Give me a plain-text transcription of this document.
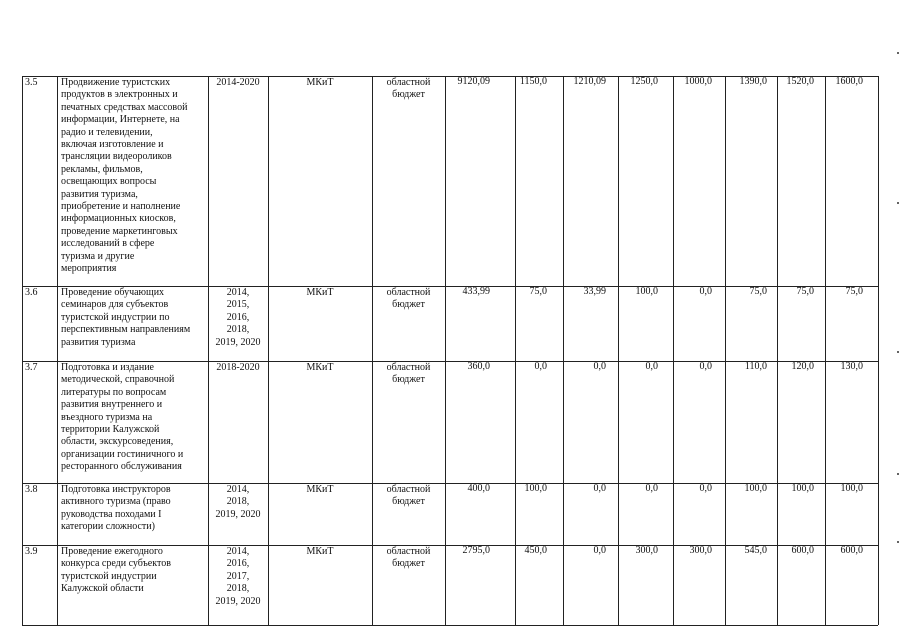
3.5 Продвижение туристских
продуктов в электронных и
печатных средствах массовой
информации, Интернете, на
радио и телевидении,
включая изготовление и
трансляции видеороликов
рекламы, фильмов,
освещающих вопросы
развития туризма,
приобретение и наполнение
информационных киосков,
проведение маркетинговых
исследований в сфере
туризма и другие
мероприятия
2014-2020	МКиТ	областной
бюджет
9120,09	1150,0	1210,09 1250,0	1000,0	1390,0 1520,0 1600,0
3.6 Проведение обучающих
семинаров для субъектов
туристской индустрии по
перспективным направлениям
развития туризма
2014,
2015,
2016,
2018,
2019, 2020
МКиТ	областной
бюджет
433,99	75,0	33,99	100,0	0,0	75,0	75,0	75,0
3.7 Подготовка и издание
методической, справочной
литературы по вопросам
развития внутреннего и
въездного туризма на
территории Калужской
области, экскурсоведения,
организации гостиничного и
ресторанного обслуживания
2018-2020	МКиТ	областной
бюджет
360,0	0,0	0,0	0,0	0,0	110,0 120,0	130,0
3.8 Подготовка инструкторов
активного туризма (право
руководства походами I
категории сложности)
2014,
2018,
2019, 2020
МКиТ	областной
бюджет
400,0	100,0	0,0	0,0	0,0	100,0 100,0	100,0
3.9 Проведение ежегодного
конкурса среди субъектов
туристской индустрии
Калужской области
2014,
2016,
2017,
2018,
2019, 2020
МКиТ	областной
бюджет
2795,0	450,0	0,0	300,0	300,0	545,0 600,0	600,0
